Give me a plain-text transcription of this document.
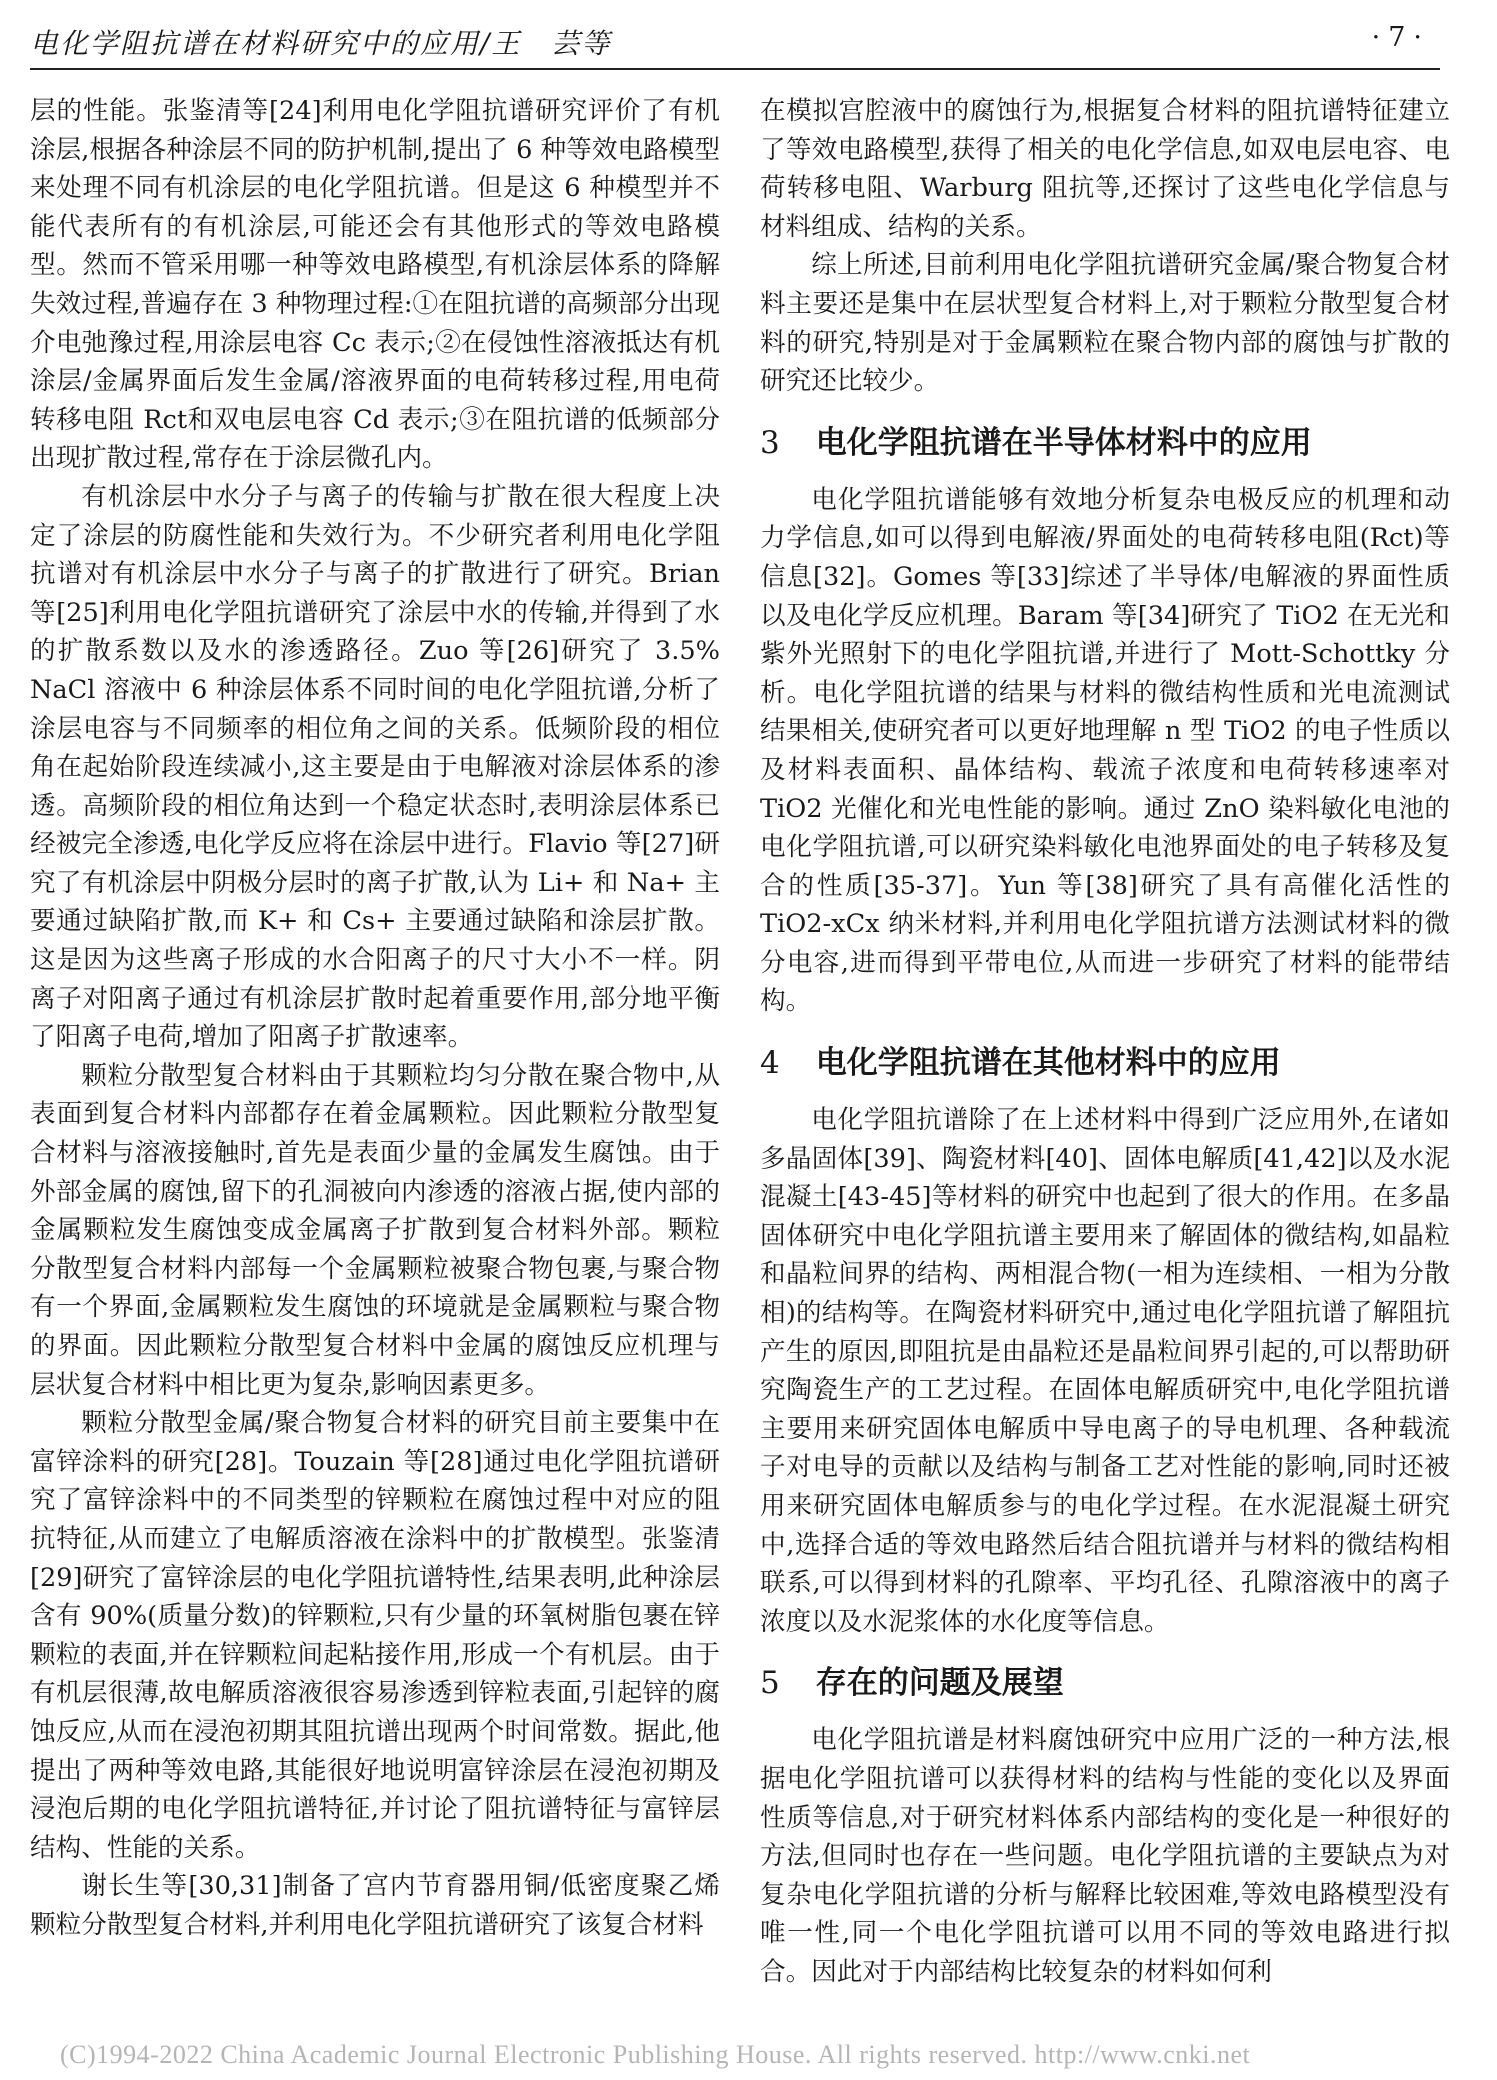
电化学阻抗谱在材料研究中的应用/王　芸等	·7·

层的性能。张鉴清等[24]利用电化学阻抗谱研究评价了有机涂层,根据各种涂层不同的防护机制,提出了 6 种等效电路模型来处理不同有机涂层的电化学阻抗谱。但是这 6 种模型并不能代表所有的有机涂层,可能还会有其他形式的等效电路模型。然而不管采用哪一种等效电路模型,有机涂层体系的降解失效过程,普遍存在 3 种物理过程:①在阻抗谱的高频部分出现介电弛豫过程,用涂层电容 Cc 表示;②在侵蚀性溶液抵达有机涂层/金属界面后发生金属/溶液界面的电荷转移过程,用电荷转移电阻 Rct和双电层电容 Cd 表示;③在阻抗谱的低频部分出现扩散过程,常存在于涂层微孔内。

有机涂层中水分子与离子的传输与扩散在很大程度上决定了涂层的防腐性能和失效行为。不少研究者利用电化学阻抗谱对有机涂层中水分子与离子的扩散进行了研究。Brian 等[25]利用电化学阻抗谱研究了涂层中水的传输,并得到了水的扩散系数以及水的渗透路径。Zuo 等[26]研究了 3.5% NaCl 溶液中 6 种涂层体系不同时间的电化学阻抗谱,分析了涂层电容与不同频率的相位角之间的关系。低频阶段的相位角在起始阶段连续减小,这主要是由于电解液对涂层体系的渗透。高频阶段的相位角达到一个稳定状态时,表明涂层体系已经被完全渗透,电化学反应将在涂层中进行。Flavio 等[27]研究了有机涂层中阴极分层时的离子扩散,认为 Li+ 和 Na+ 主要通过缺陷扩散,而 K+ 和 Cs+ 主要通过缺陷和涂层扩散。这是因为这些离子形成的水合阳离子的尺寸大小不一样。阴离子对阳离子通过有机涂层扩散时起着重要作用,部分地平衡了阳离子电荷,增加了阳离子扩散速率。

颗粒分散型复合材料由于其颗粒均匀分散在聚合物中,从表面到复合材料内部都存在着金属颗粒。因此颗粒分散型复合材料与溶液接触时,首先是表面少量的金属发生腐蚀。由于外部金属的腐蚀,留下的孔洞被向内渗透的溶液占据,使内部的金属颗粒发生腐蚀变成金属离子扩散到复合材料外部。颗粒分散型复合材料内部每一个金属颗粒被聚合物包裹,与聚合物有一个界面,金属颗粒发生腐蚀的环境就是金属颗粒与聚合物的界面。因此颗粒分散型复合材料中金属的腐蚀反应机理与层状复合材料中相比更为复杂,影响因素更多。

颗粒分散型金属/聚合物复合材料的研究目前主要集中在富锌涂料的研究[28]。Touzain 等[28]通过电化学阻抗谱研究了富锌涂料中的不同类型的锌颗粒在腐蚀过程中对应的阻抗特征,从而建立了电解质溶液在涂料中的扩散模型。张鉴清[29]研究了富锌涂层的电化学阻抗谱特性,结果表明,此种涂层含有 90%(质量分数)的锌颗粒,只有少量的环氧树脂包裹在锌颗粒的表面,并在锌颗粒间起粘接作用,形成一个有机层。由于有机层很薄,故电解质溶液很容易渗透到锌粒表面,引起锌的腐蚀反应,从而在浸泡初期其阻抗谱出现两个时间常数。据此,他提出了两种等效电路,其能很好地说明富锌涂层在浸泡初期及浸泡后期的电化学阻抗谱特征,并讨论了阻抗谱特征与富锌层结构、性能的关系。

谢长生等[30,31]制备了宫内节育器用铜/低密度聚乙烯颗粒分散型复合材料,并利用电化学阻抗谱研究了该复合材料

在模拟宫腔液中的腐蚀行为,根据复合材料的阻抗谱特征建立了等效电路模型,获得了相关的电化学信息,如双电层电容、电荷转移电阻、Warburg 阻抗等,还探讨了这些电化学信息与材料组成、结构的关系。

综上所述,目前利用电化学阻抗谱研究金属/聚合物复合材料主要还是集中在层状型复合材料上,对于颗粒分散型复合材料的研究,特别是对于金属颗粒在聚合物内部的腐蚀与扩散的研究还比较少。

3 电化学阻抗谱在半导体材料中的应用

电化学阻抗谱能够有效地分析复杂电极反应的机理和动力学信息,如可以得到电解液/界面处的电荷转移电阻(Rct)等信息[32]。Gomes 等[33]综述了半导体/电解液的界面性质以及电化学反应机理。Baram 等[34]研究了 TiO2 在无光和紫外光照射下的电化学阻抗谱,并进行了 Mott-Schottky 分析。电化学阻抗谱的结果与材料的微结构性质和光电流测试结果相关,使研究者可以更好地理解 n 型 TiO2 的电子性质以及材料表面积、晶体结构、载流子浓度和电荷转移速率对 TiO2 光催化和光电性能的影响。通过 ZnO 染料敏化电池的电化学阻抗谱,可以研究染料敏化电池界面处的电子转移及复合的性质[35-37]。Yun 等[38]研究了具有高催化活性的 TiO2-xCx 纳米材料,并利用电化学阻抗谱方法测试材料的微分电容,进而得到平带电位,从而进一步研究了材料的能带结构。

4 电化学阻抗谱在其他材料中的应用

电化学阻抗谱除了在上述材料中得到广泛应用外,在诸如多晶固体[39]、陶瓷材料[40]、固体电解质[41,42]以及水泥混凝土[43-45]等材料的研究中也起到了很大的作用。在多晶固体研究中电化学阻抗谱主要用来了解固体的微结构,如晶粒和晶粒间界的结构、两相混合物(一相为连续相、一相为分散相)的结构等。在陶瓷材料研究中,通过电化学阻抗谱了解阻抗产生的原因,即阻抗是由晶粒还是晶粒间界引起的,可以帮助研究陶瓷生产的工艺过程。在固体电解质研究中,电化学阻抗谱主要用来研究固体电解质中导电离子的导电机理、各种载流子对电导的贡献以及结构与制备工艺对性能的影响,同时还被用来研究固体电解质参与的电化学过程。在水泥混凝土研究中,选择合适的等效电路然后结合阻抗谱并与材料的微结构相联系,可以得到材料的孔隙率、平均孔径、孔隙溶液中的离子浓度以及水泥浆体的水化度等信息。

5 存在的问题及展望

电化学阻抗谱是材料腐蚀研究中应用广泛的一种方法,根据电化学阻抗谱可以获得材料的结构与性能的变化以及界面性质等信息,对于研究材料体系内部结构的变化是一种很好的方法,但同时也存在一些问题。电化学阻抗谱的主要缺点为对复杂电化学阻抗谱的分析与解释比较困难,等效电路模型没有唯一性,同一个电化学阻抗谱可以用不同的等效电路进行拟合。因此对于内部结构比较复杂的材料如何利

(C)1994-2022 China Academic Journal Electronic Publishing House. All rights reserved. http://www.cnki.net
